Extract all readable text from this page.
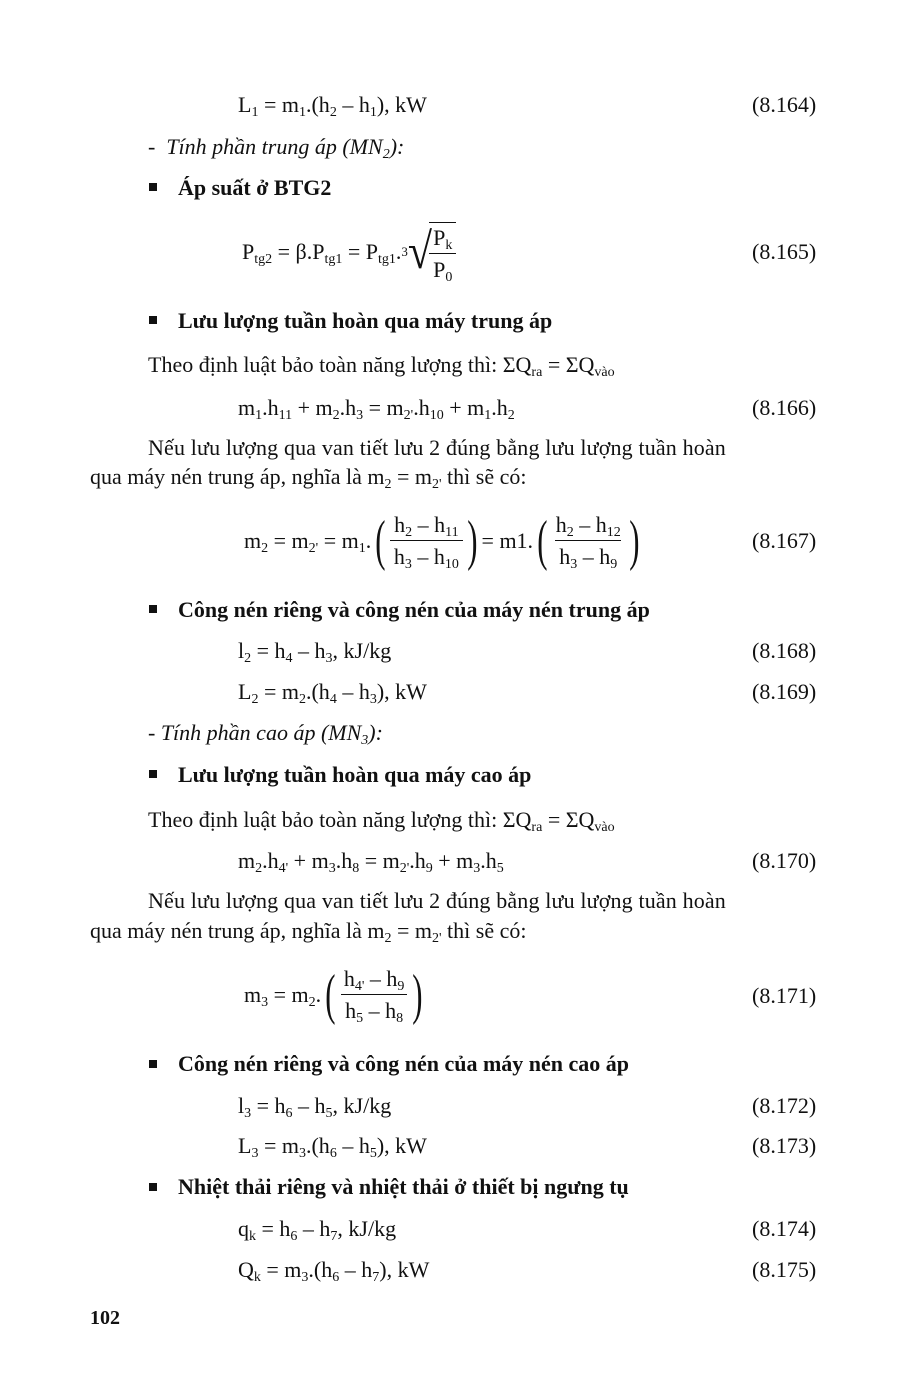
$L_1 = m_1.(h_2 - h_1)$, kW	(8.164)
-  Tính phần trung áp $(MN_2)$:
Áp suất ở BTG2
$P_{tg2} = \beta.P_{tg1} = P_{tg1}$. 3 √
$\frac{P_k}{P_0}$	(8.165)
Lưu lượng tuần hoàn qua máy trung áp
Theo định luật bảo toàn năng lượng thì: $\Sigma Q_{ra} = \Sigma Q_{vào}$
$m_1.h_{11} + m_2.h_3 = m_{2'}.h_{10} + m_1.h_2$	(8.166)
Nếu lưu lượng qua van tiết lưu 2 đúng bằng lưu lượng tuần hoàn
qua máy nén trung áp, nghĩa là $m_2 = m_{2'}$ thì sẽ có:
$m_2 = m_{2'} = m_1$. ( $\frac{h_2 - h_{11}}{h_3 - h_{10}}$ ) = m1. ( $\frac{h_2 - h_{12}}{h_3 - h_9}$ )	(8.167)
Công nén riêng và công nén của máy nén trung áp
$l_2 = h_4 - h_3$, kJ/kg	(8.168)
$L_2 = m_2.(h_4 - h_3)$, kW	(8.169)
- Tính phần cao áp $(MN_3)$:
Lưu lượng tuần hoàn qua máy cao áp
Theo định luật bảo toàn năng lượng thì: $\Sigma Q_{ra} = \Sigma Q_{vào}$
$m_2.h_{4'} + m_3.h_8 = m_{2'}.h_9 + m_3.h_5$	(8.170)
Nếu lưu lượng qua van tiết lưu 2 đúng bằng lưu lượng tuần hoàn
qua máy nén trung áp, nghĩa là $m_2 = m_{2'}$ thì sẽ có:
$m_3 = m_2$. ( $\frac{h_{4'} - h_9}{h_5 - h_8}$ )	(8.171)
Công nén riêng và công nén của máy nén cao áp
$l_3 = h_6 - h_5$, kJ/kg	(8.172)
$L_3 = m_3.(h_6 - h_5)$, kW	(8.173)
Nhiệt thải riêng và nhiệt thải ở thiết bị ngưng tụ
$q_k = h_6 - h_7$, kJ/kg	(8.174)
$Q_k = m_3.(h_6 - h_7)$, kW	(8.175)
102
